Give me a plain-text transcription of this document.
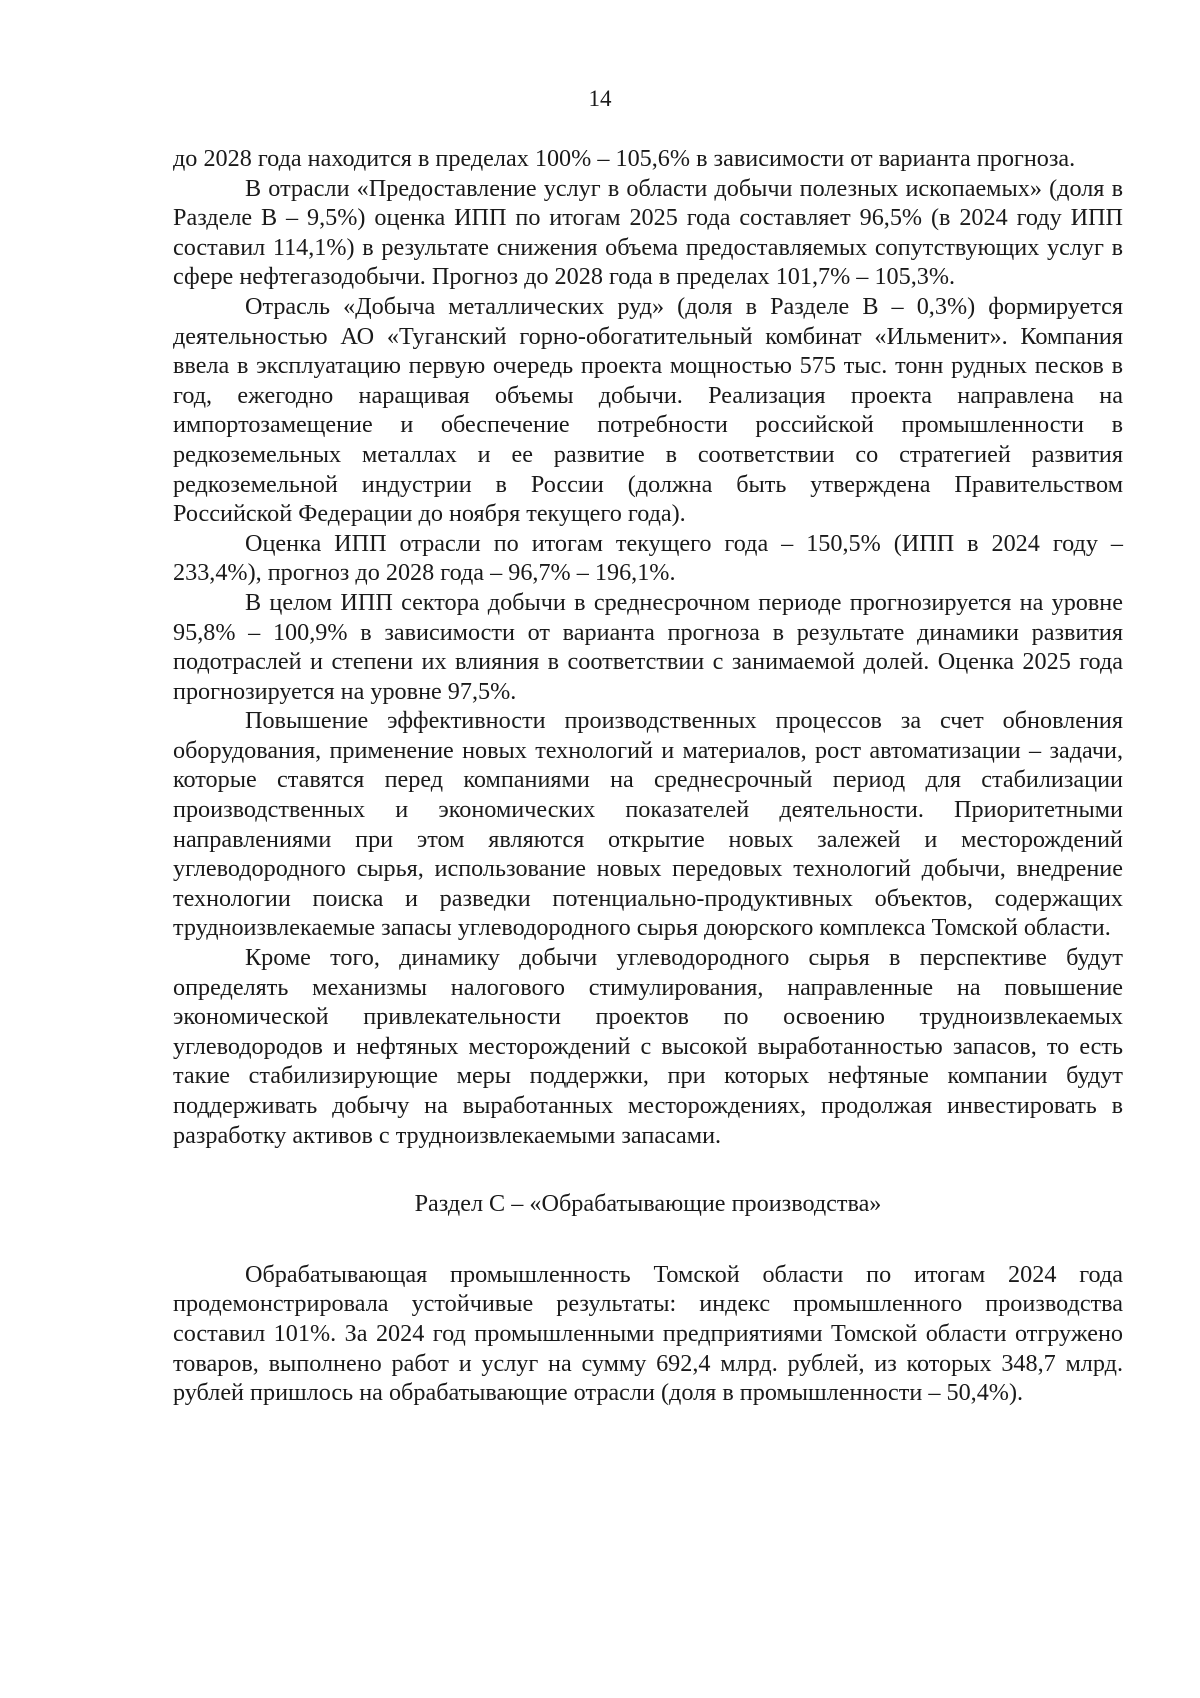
14

до 2028 года находится в пределах 100% – 105,6% в зависимости от варианта прогноза.

В отрасли «Предоставление услуг в области добычи полезных ископаемых» (доля в Разделе В – 9,5%) оценка ИПП по итогам 2025 года составляет 96,5% (в 2024 году ИПП составил 114,1%) в результате снижения объема предоставляемых сопутствующих услуг в сфере нефтегазодобычи. Прогноз до 2028 года в пределах 101,7% – 105,3%.

Отрасль «Добыча металлических руд» (доля в Разделе В – 0,3%) формируется деятельностью АО «Туганский горно-обогатительный комбинат «Ильменит». Компания ввела в эксплуатацию первую очередь проекта мощностью 575 тыс. тонн рудных песков в год, ежегодно наращивая объемы добычи. Реализация проекта направлена на импортозамещение и обеспечение потребности российской промышленности в редкоземельных металлах и ее развитие в соответствии со стратегией развития редкоземельной индустрии в России (должна быть утверждена Правительством Российской Федерации до ноября текущего года).

Оценка ИПП отрасли по итогам текущего года – 150,5% (ИПП в 2024 году – 233,4%), прогноз до 2028 года – 96,7% – 196,1%.

В целом ИПП сектора добычи в среднесрочном периоде прогнозируется на уровне 95,8% – 100,9% в зависимости от варианта прогноза в результате динамики развития подотраслей и степени их влияния в соответствии с занимаемой долей. Оценка 2025 года прогнозируется на уровне 97,5%.

Повышение эффективности производственных процессов за счет обновления оборудования, применение новых технологий и материалов, рост автоматизации – задачи, которые ставятся перед компаниями на среднесрочный период для стабилизации производственных и экономических показателей деятельности. Приоритетными направлениями при этом являются открытие новых залежей и месторождений углеводородного сырья, использование новых передовых технологий добычи, внедрение технологии поиска и разведки потенциально-продуктивных объектов, содержащих трудноизвлекаемые запасы углеводородного сырья доюрского комплекса Томской области.

Кроме того, динамику добычи углеводородного сырья в перспективе будут определять механизмы налогового стимулирования, направленные на повышение экономической привлекательности проектов по освоению трудноизвлекаемых углеводородов и нефтяных месторождений с высокой выработанностью запасов, то есть такие стабилизирующие меры поддержки, при которых нефтяные компании будут поддерживать добычу на выработанных месторождениях, продолжая инвестировать в разработку активов с трудноизвлекаемыми запасами.

Раздел С – «Обрабатывающие производства»

Обрабатывающая промышленность Томской области по итогам 2024 года продемонстрировала устойчивые результаты: индекс промышленного производства составил 101%. За 2024 год промышленными предприятиями Томской области отгружено товаров, выполнено работ и услуг на сумму 692,4 млрд. рублей, из которых 348,7 млрд. рублей пришлось на обрабатывающие отрасли (доля в промышленности – 50,4%).
